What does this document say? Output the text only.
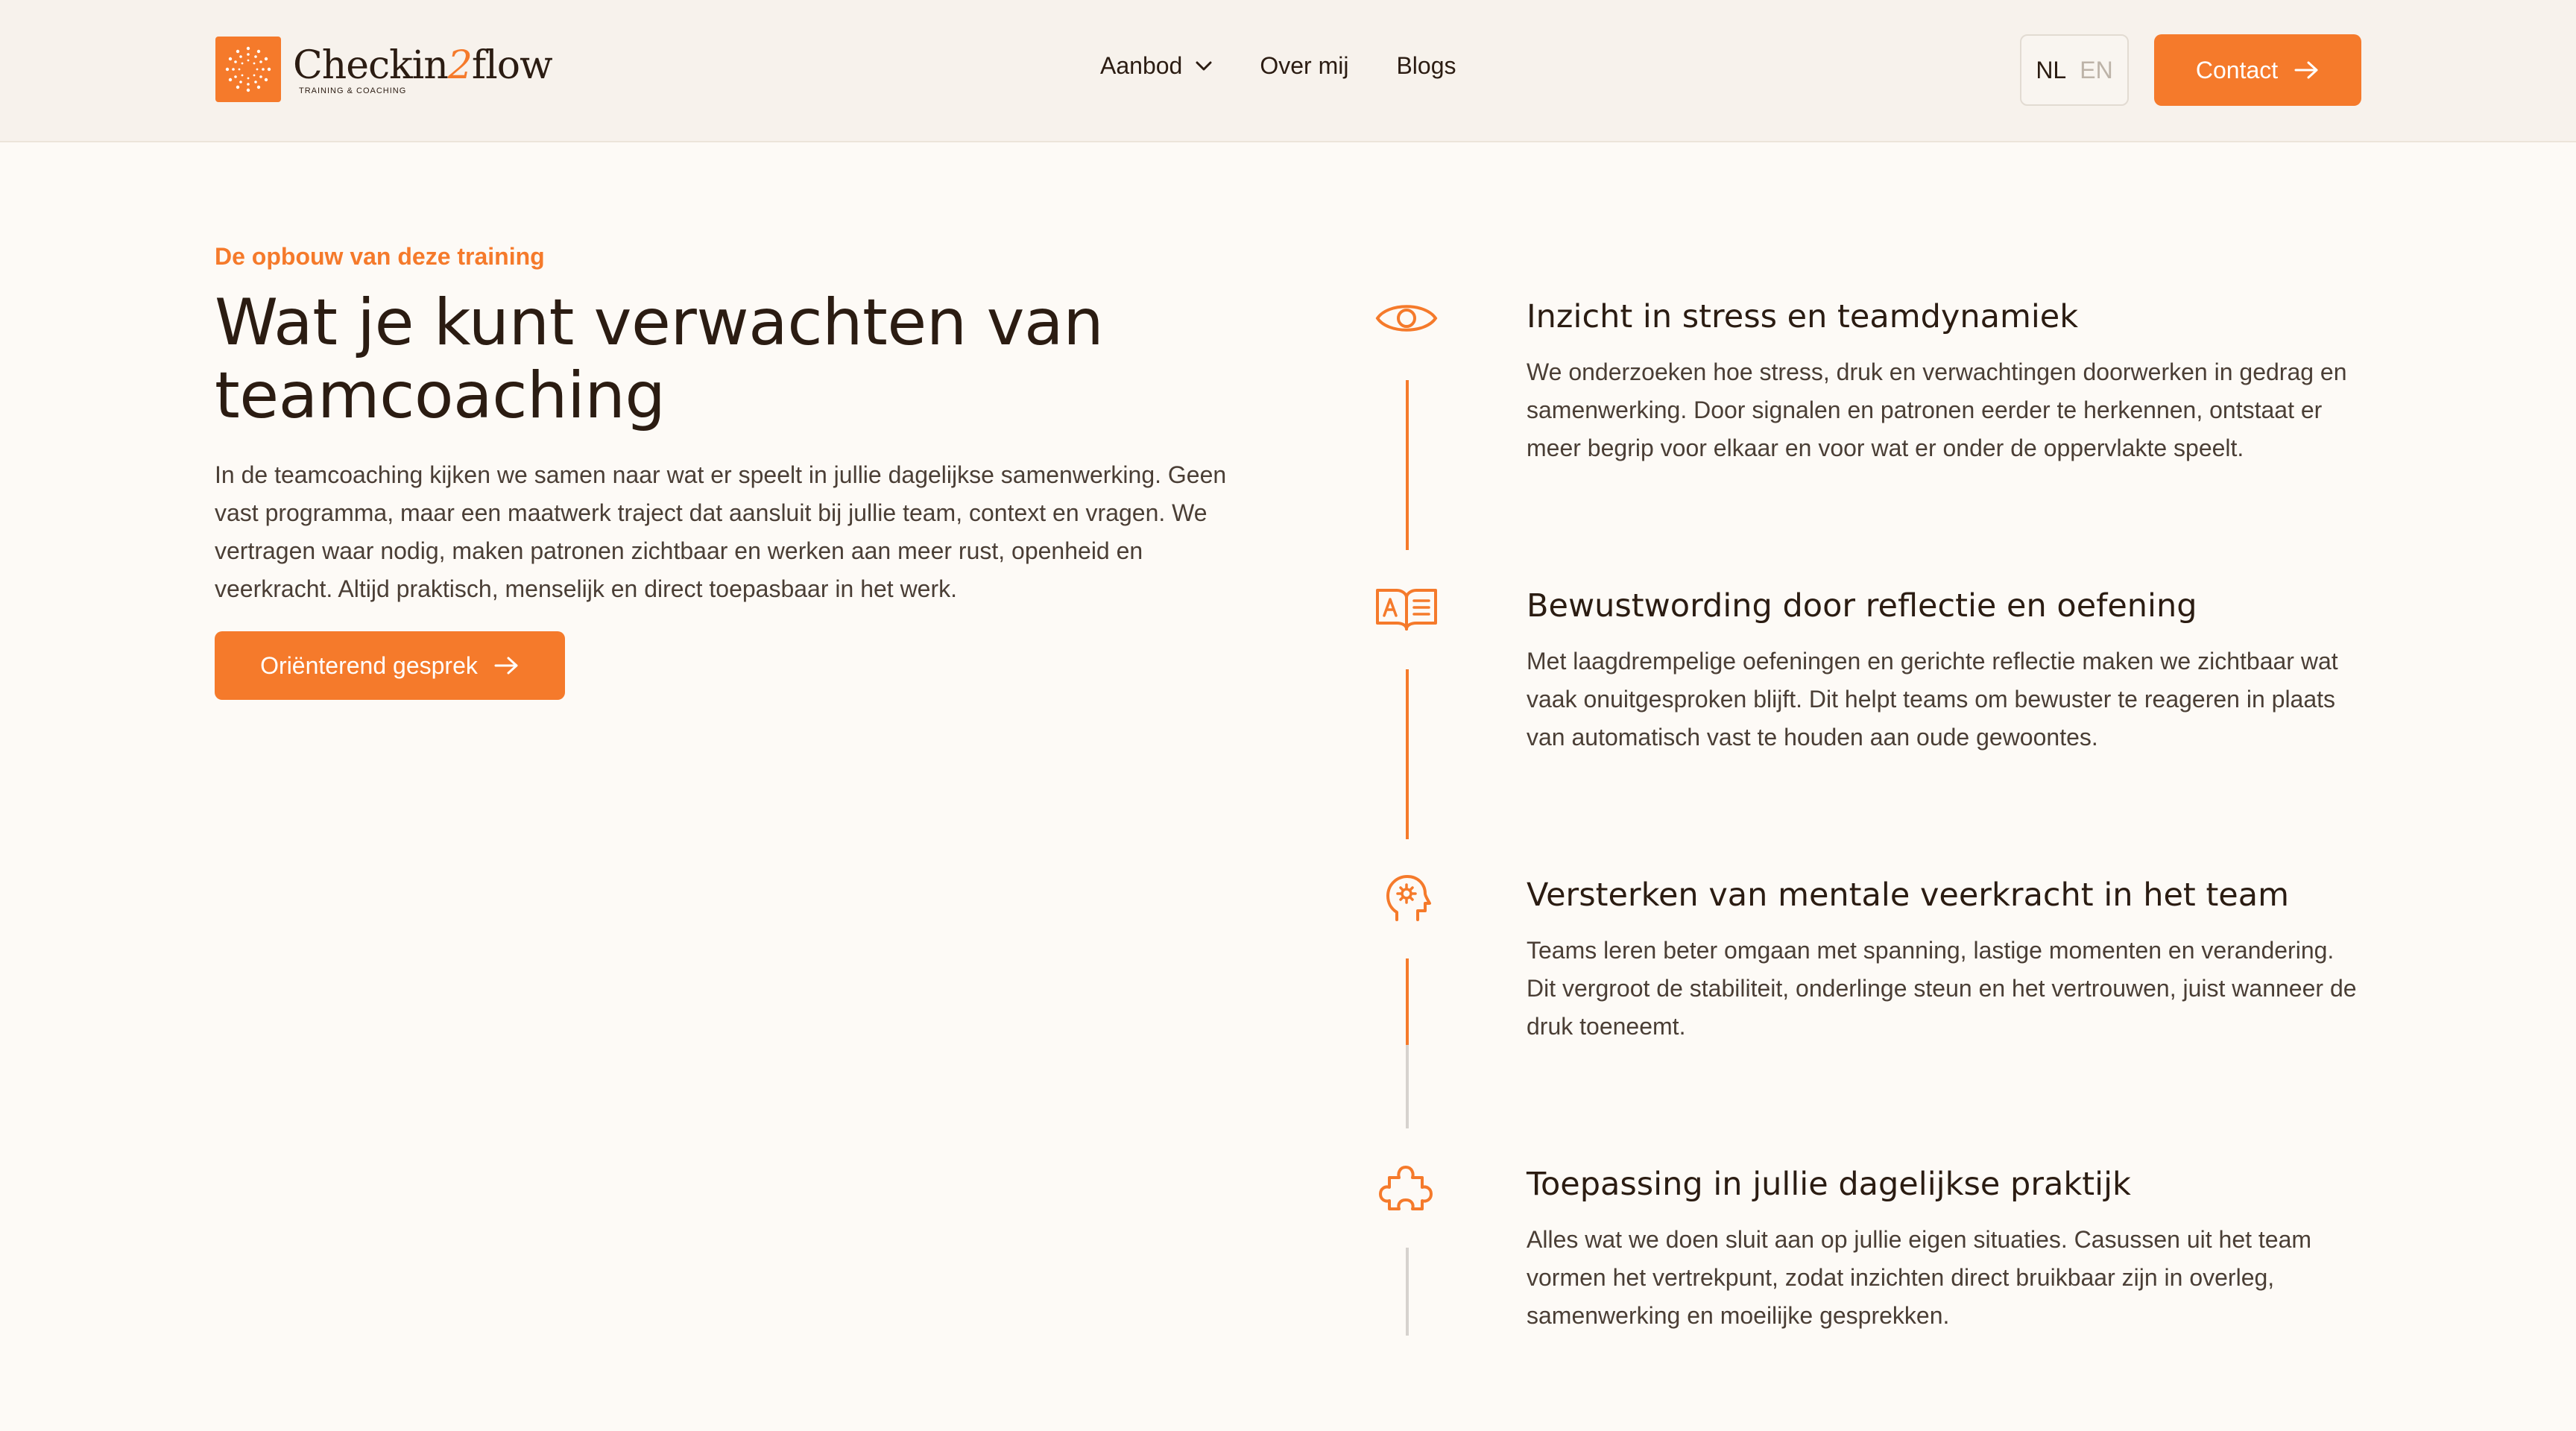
Checkin2flow
TRAINING & COACHING
Aanbod	Over mij Blogs	NL EN	Contact
De opbouw van deze training
Wat je kunt verwachten van teamcoaching

In de teamcoaching kijken we samen naar wat er speelt in jullie dagelijkse samenwerking. Geen vast programma, maar een maatwerk traject dat aansluit bij jullie team, context en vragen. We vertragen waar nodig, maken patronen zichtbaar en werken aan meer rust, openheid en veerkracht. Altijd praktisch, menselijk en direct toepasbaar in het werk.

Oriënterend gesprek
Inzicht in stress en teamdynamiek

We onderzoeken hoe stress, druk en verwachtingen doorwerken in gedrag en samenwerking. Door signalen en patronen eerder te herkennen, ontstaat er meer begrip voor elkaar en voor wat er onder de oppervlakte speelt.

Bewustwording door reflectie en oefening

Met laagdrempelige oefeningen en gerichte reflectie maken we zichtbaar wat vaak onuitgesproken blijft. Dit helpt teams om bewuster te reageren in plaats van automatisch vast te houden aan oude gewoontes.

Versterken van mentale veerkracht in het team

Teams leren beter omgaan met spanning, lastige momenten en verandering. Dit vergroot de stabiliteit, onderlinge steun en het vertrouwen, juist wanneer de druk toeneemt.

Toepassing in jullie dagelijkse praktijk

Alles wat we doen sluit aan op jullie eigen situaties. Casussen uit het team vormen het vertrekpunt, zodat inzichten direct bruikbaar zijn in overleg, samenwerking en moeilijke gesprekken.
